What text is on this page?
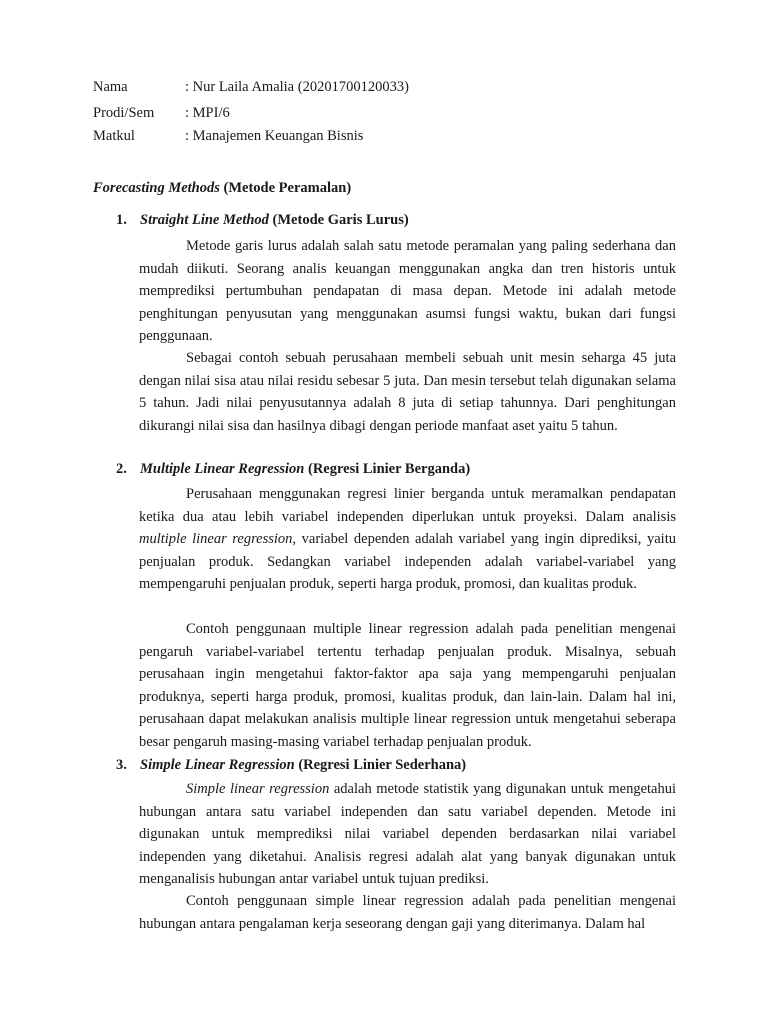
Nama	: Nur Laila Amalia (20201700120033)
Prodi/Sem : MPI/6
Matkul	: Manajemen Keuangan Bisnis
Forecasting Methods (Metode Peramalan)
1. Straight Line Method (Metode Garis Lurus)

Metode garis lurus adalah salah satu metode peramalan yang paling sederhana dan mudah diikuti. Seorang analis keuangan menggunakan angka dan tren historis untuk memprediksi pertumbuhan pendapatan di masa depan. Metode ini adalah metode penghitungan penyusutan yang menggunakan asumsi fungsi waktu, bukan dari fungsi penggunaan.

Sebagai contoh sebuah perusahaan membeli sebuah unit mesin seharga 45 juta dengan nilai sisa atau nilai residu sebesar 5 juta. Dan mesin tersebut telah digunakan selama 5 tahun. Jadi nilai penyusutannya adalah 8 juta di setiap tahunnya. Dari penghitungan dikurangi nilai sisa dan hasilnya dibagi dengan periode manfaat aset yaitu 5 tahun.

2. Multiple Linear Regression (Regresi Linier Berganda)

Perusahaan menggunakan regresi linier berganda untuk meramalkan pendapatan ketika dua atau lebih variabel independen diperlukan untuk proyeksi. Dalam analisis multiple linear regression, variabel dependen adalah variabel yang ingin diprediksi, yaitu penjualan produk. Sedangkan variabel independen adalah variabel-variabel yang mempengaruhi penjualan produk, seperti harga produk, promosi, dan kualitas produk.

Contoh penggunaan multiple linear regression adalah pada penelitian mengenai pengaruh variabel-variabel tertentu terhadap penjualan produk. Misalnya, sebuah perusahaan ingin mengetahui faktor-faktor apa saja yang mempengaruhi penjualan produknya, seperti harga produk, promosi, kualitas produk, dan lain-lain. Dalam hal ini, perusahaan dapat melakukan analisis multiple linear regression untuk mengetahui seberapa besar pengaruh masing-masing variabel terhadap penjualan produk.

3. Simple Linear Regression (Regresi Linier Sederhana)

Simple linear regression adalah metode statistik yang digunakan untuk mengetahui hubungan antara satu variabel independen dan satu variabel dependen. Metode ini digunakan untuk memprediksi nilai variabel dependen berdasarkan nilai variabel independen yang diketahui. Analisis regresi adalah alat yang banyak digunakan untuk menganalisis hubungan antar variabel untuk tujuan prediksi.

Contoh penggunaan simple linear regression adalah pada penelitian mengenai hubungan antara pengalaman kerja seseorang dengan gaji yang diterimanya. Dalam hal
